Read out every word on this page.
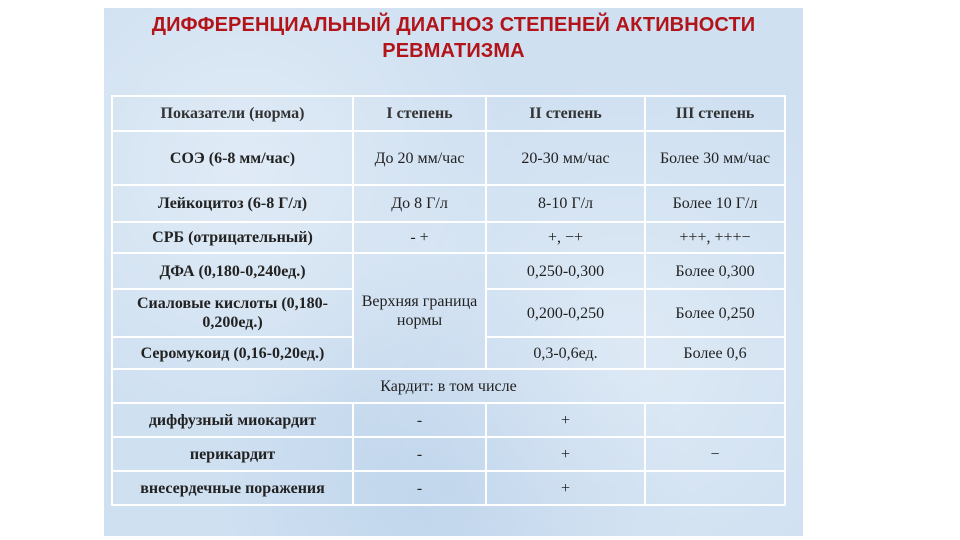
ДИФФЕРЕНЦИАЛЬНЫЙ ДИАГНОЗ СТЕПЕНЕЙ АКТИВНОСТИ
РЕВМАТИЗМА
Показатели (норма)	I степень	II степень	III степень
СОЭ (6-8 мм/час)	До 20 мм/час	20-30 мм/час	Более 30 мм/час
Лейкоцитоз (6-8 Г/л)	До 8 Г/л	8-10 Г/л	Более 10 Г/л
СРБ (отрицательный)	- +	+, −+	+++, +++−
ДФА (0,180-0,240ед.)	Верхняя граница нормы	0,250-0,300	Более 0,300
Сиаловые кислоты (0,180-0,200ед.)		0,200-0,250	Более 0,250
Серомукоид (0,16-0,20ед.)		0,3-0,6ед.	Более 0,6
Кардит: в том числе			
диффузный миокардит	-	+	
перикардит	-	+	−
внесердечные поражения	-	+	
